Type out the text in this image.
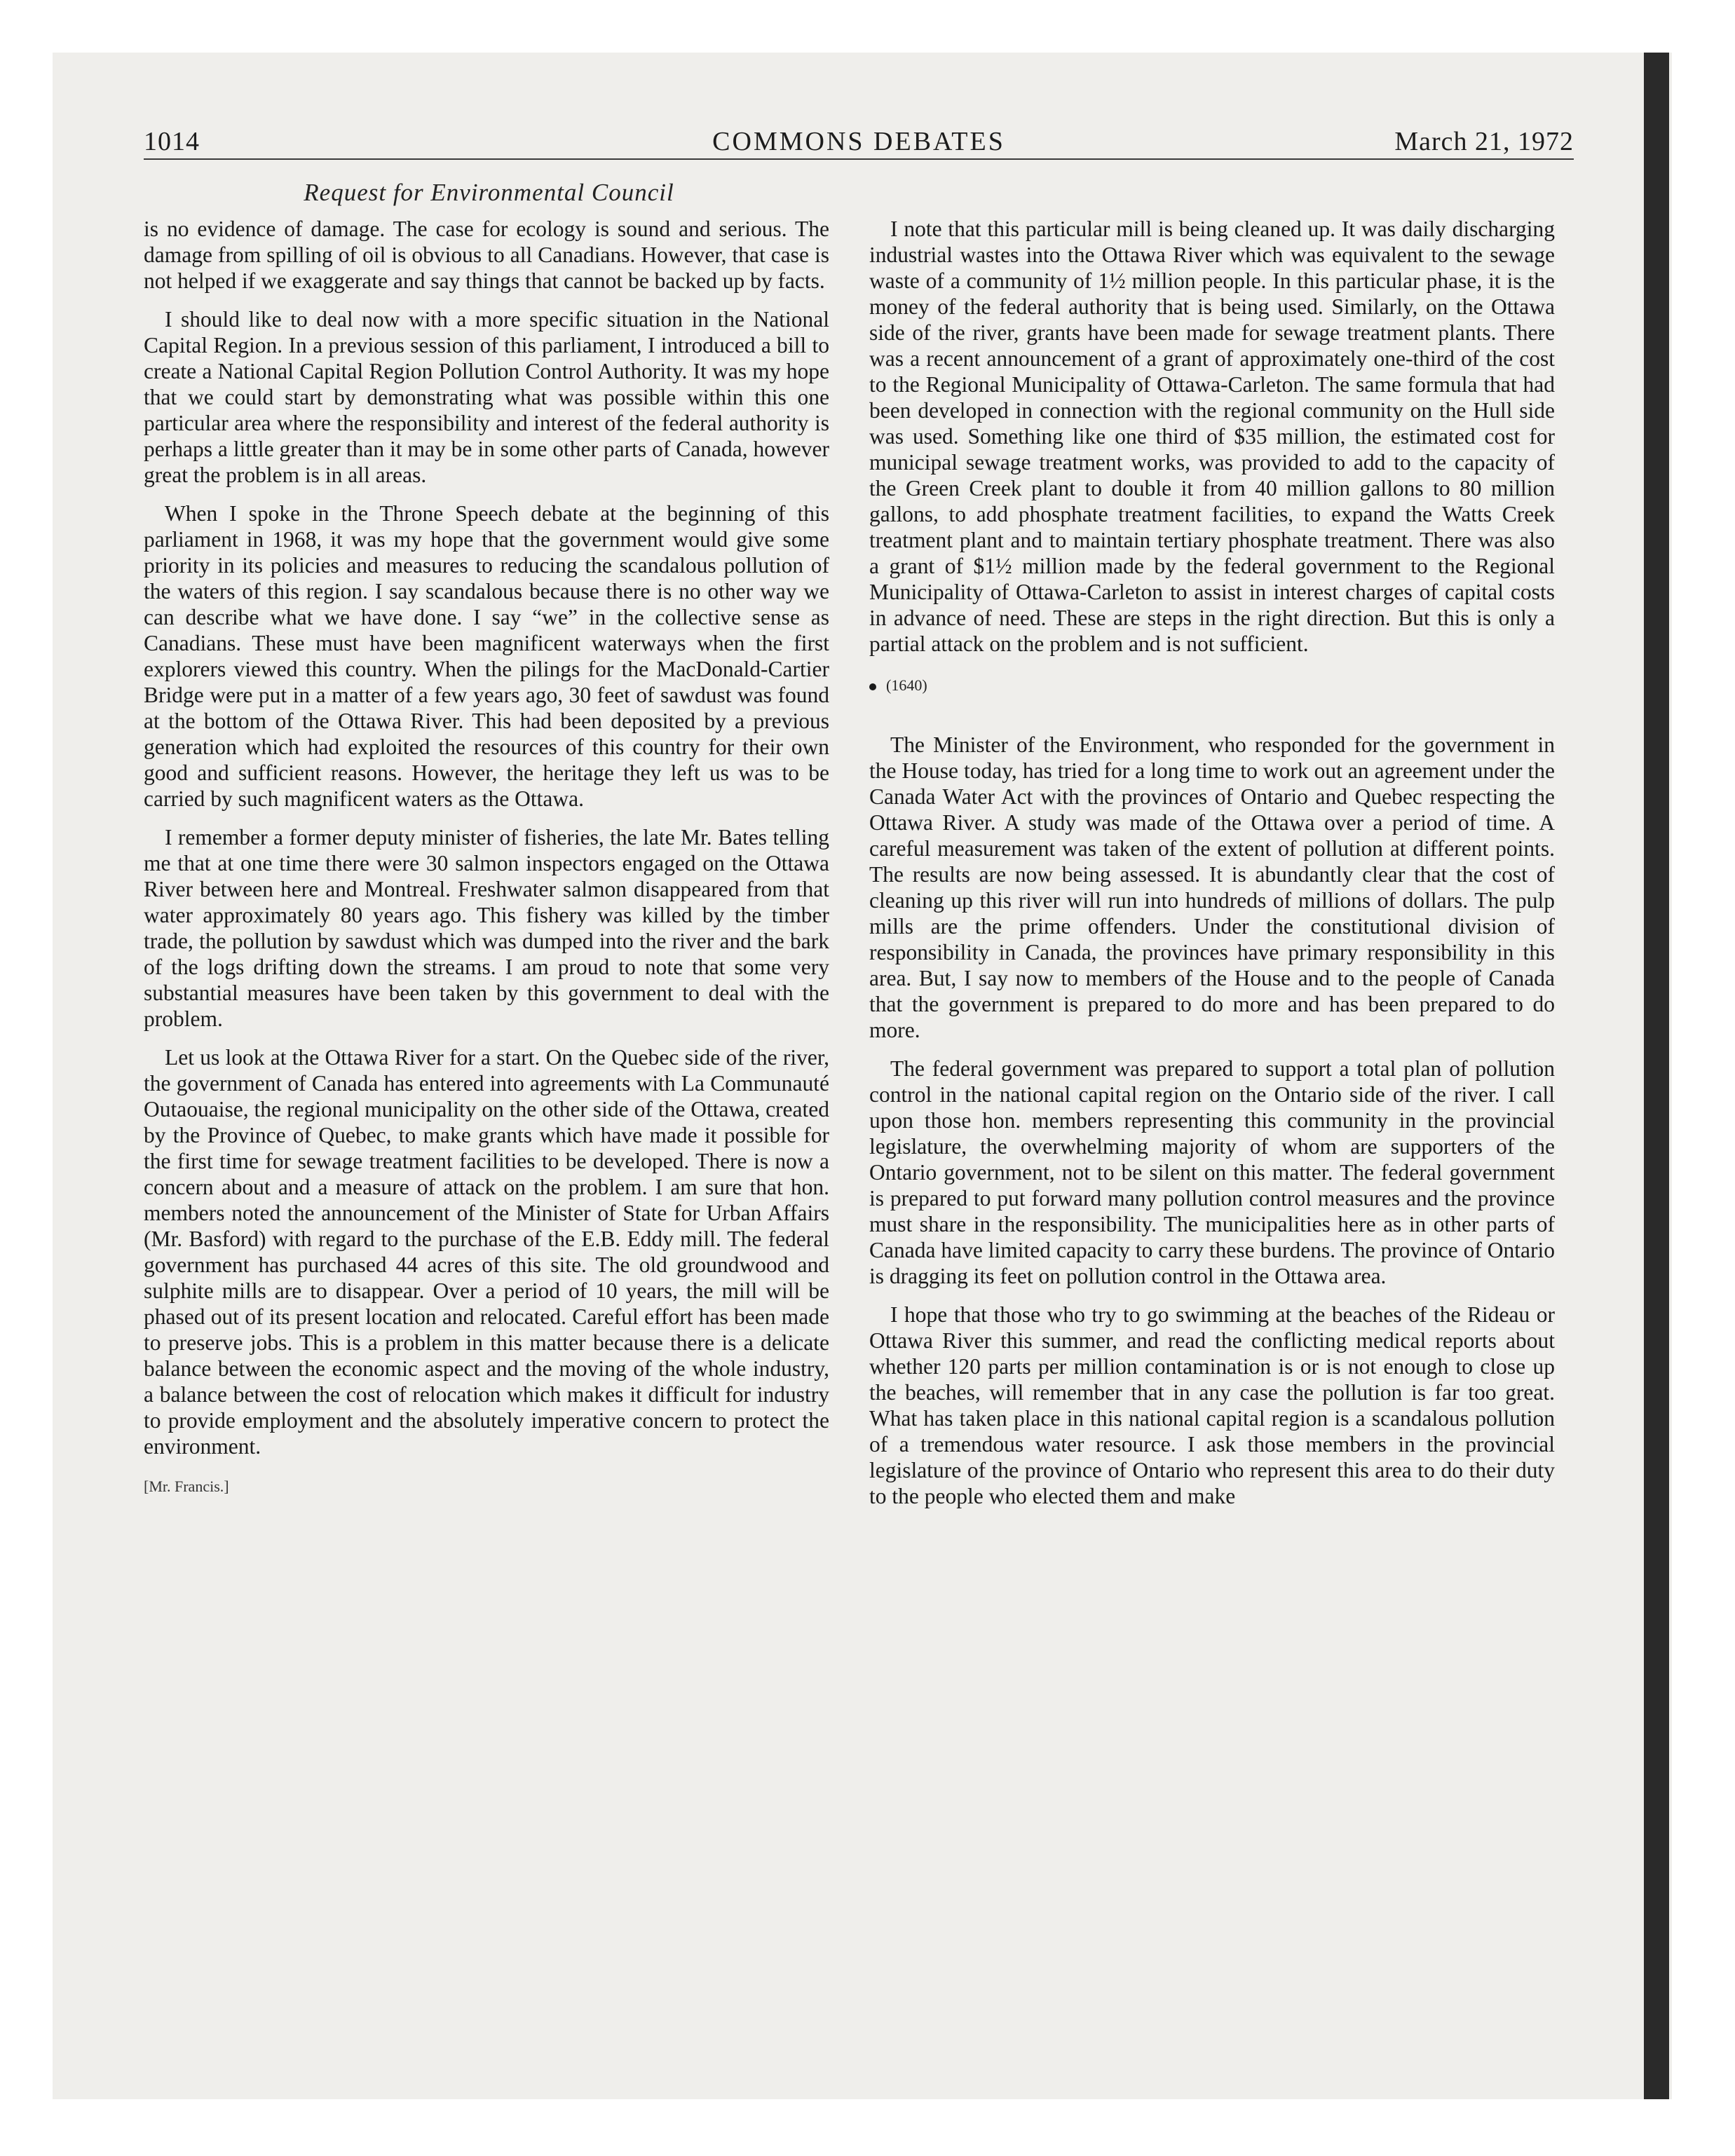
1014	COMMONS DEBATES	March 21, 1972
Request for Environmental Council

is no evidence of damage. The case for ecology is sound and serious. The damage from spilling of oil is obvious to all Canadians. However, that case is not helped if we exaggerate and say things that cannot be backed up by facts.

I should like to deal now with a more specific situation in the National Capital Region. In a previous session of this parliament, I introduced a bill to create a National Capital Region Pollution Control Authority. It was my hope that we could start by demonstrating what was possible within this one particular area where the responsibility and interest of the federal authority is perhaps a little greater than it may be in some other parts of Canada, however great the problem is in all areas.

When I spoke in the Throne Speech debate at the beginning of this parliament in 1968, it was my hope that the government would give some priority in its policies and measures to reducing the scandalous pollution of the waters of this region. I say scandalous because there is no other way we can describe what we have done. I say “we” in the collective sense as Canadians. These must have been magnificent waterways when the first explorers viewed this country. When the pilings for the MacDonald-Cartier Bridge were put in a matter of a few years ago, 30 feet of sawdust was found at the bottom of the Ottawa River. This had been deposited by a previous generation which had exploited the resources of this country for their own good and sufficient reasons. However, the heritage they left us was to be carried by such magnificent waters as the Ottawa.

I remember a former deputy minister of fisheries, the late Mr. Bates telling me that at one time there were 30 salmon inspectors engaged on the Ottawa River between here and Montreal. Freshwater salmon disappeared from that water approximately 80 years ago. This fishery was killed by the timber trade, the pollution by sawdust which was dumped into the river and the bark of the logs drifting down the streams. I am proud to note that some very substantial measures have been taken by this government to deal with the problem.

Let us look at the Ottawa River for a start. On the Quebec side of the river, the government of Canada has entered into agreements with La Communauté Outaouaise, the regional municipality on the other side of the Ottawa, created by the Province of Quebec, to make grants which have made it possible for the first time for sewage treatment facilities to be developed. There is now a concern about and a measure of attack on the problem. I am sure that hon. members noted the announcement of the Minister of State for Urban Affairs (Mr. Basford) with regard to the purchase of the E.B. Eddy mill. The federal government has purchased 44 acres of this site. The old groundwood and sulphite mills are to disappear. Over a period of 10 years, the mill will be phased out of its present location and relocated. Careful effort has been made to preserve jobs. This is a problem in this matter because there is a delicate balance between the economic aspect and the moving of the whole industry, a balance between the cost of relocation which makes it difficult for industry to provide employment and the absolutely imperative concern to protect the environment.

[Mr. Francis.]

I note that this particular mill is being cleaned up. It was daily discharging industrial wastes into the Ottawa River which was equivalent to the sewage waste of a community of 1½ million people. In this particular phase, it is the money of the federal authority that is being used. Similarly, on the Ottawa side of the river, grants have been made for sewage treatment plants. There was a recent announcement of a grant of approximately one-third of the cost to the Regional Municipality of Ottawa-Carleton. The same formula that had been developed in connection with the regional community on the Hull side was used. Something like one third of $35 million, the estimated cost for municipal sewage treatment works, was provided to add to the capacity of the Green Creek plant to double it from 40 million gallons to 80 million gallons, to add phosphate treatment facilities, to expand the Watts Creek treatment plant and to maintain tertiary phosphate treatment. There was also a grant of $1½ million made by the federal government to the Regional Municipality of Ottawa-Carleton to assist in interest charges of capital costs in advance of need. These are steps in the right direction. But this is only a partial attack on the problem and is not sufficient.

(1640)

The Minister of the Environment, who responded for the government in the House today, has tried for a long time to work out an agreement under the Canada Water Act with the provinces of Ontario and Quebec respecting the Ottawa River. A study was made of the Ottawa over a period of time. A careful measurement was taken of the extent of pollution at different points. The results are now being assessed. It is abundantly clear that the cost of cleaning up this river will run into hundreds of millions of dollars. The pulp mills are the prime offenders. Under the constitutional division of responsibility in Canada, the provinces have primary responsibility in this area. But, I say now to members of the House and to the people of Canada that the government is prepared to do more and has been prepared to do more.

The federal government was prepared to support a total plan of pollution control in the national capital region on the Ontario side of the river. I call upon those hon. members representing this community in the provincial legislature, the overwhelming majority of whom are supporters of the Ontario government, not to be silent on this matter. The federal government is prepared to put forward many pollution control measures and the province must share in the responsibility. The municipalities here as in other parts of Canada have limited capacity to carry these burdens. The province of Ontario is dragging its feet on pollution control in the Ottawa area.

I hope that those who try to go swimming at the beaches of the Rideau or Ottawa River this summer, and read the conflicting medical reports about whether 120 parts per million contamination is or is not enough to close up the beaches, will remember that in any case the pollution is far too great. What has taken place in this national capital region is a scandalous pollution of a tremendous water resource. I ask those members in the provincial legislature of the province of Ontario who represent this area to do their duty to the people who elected them and make
